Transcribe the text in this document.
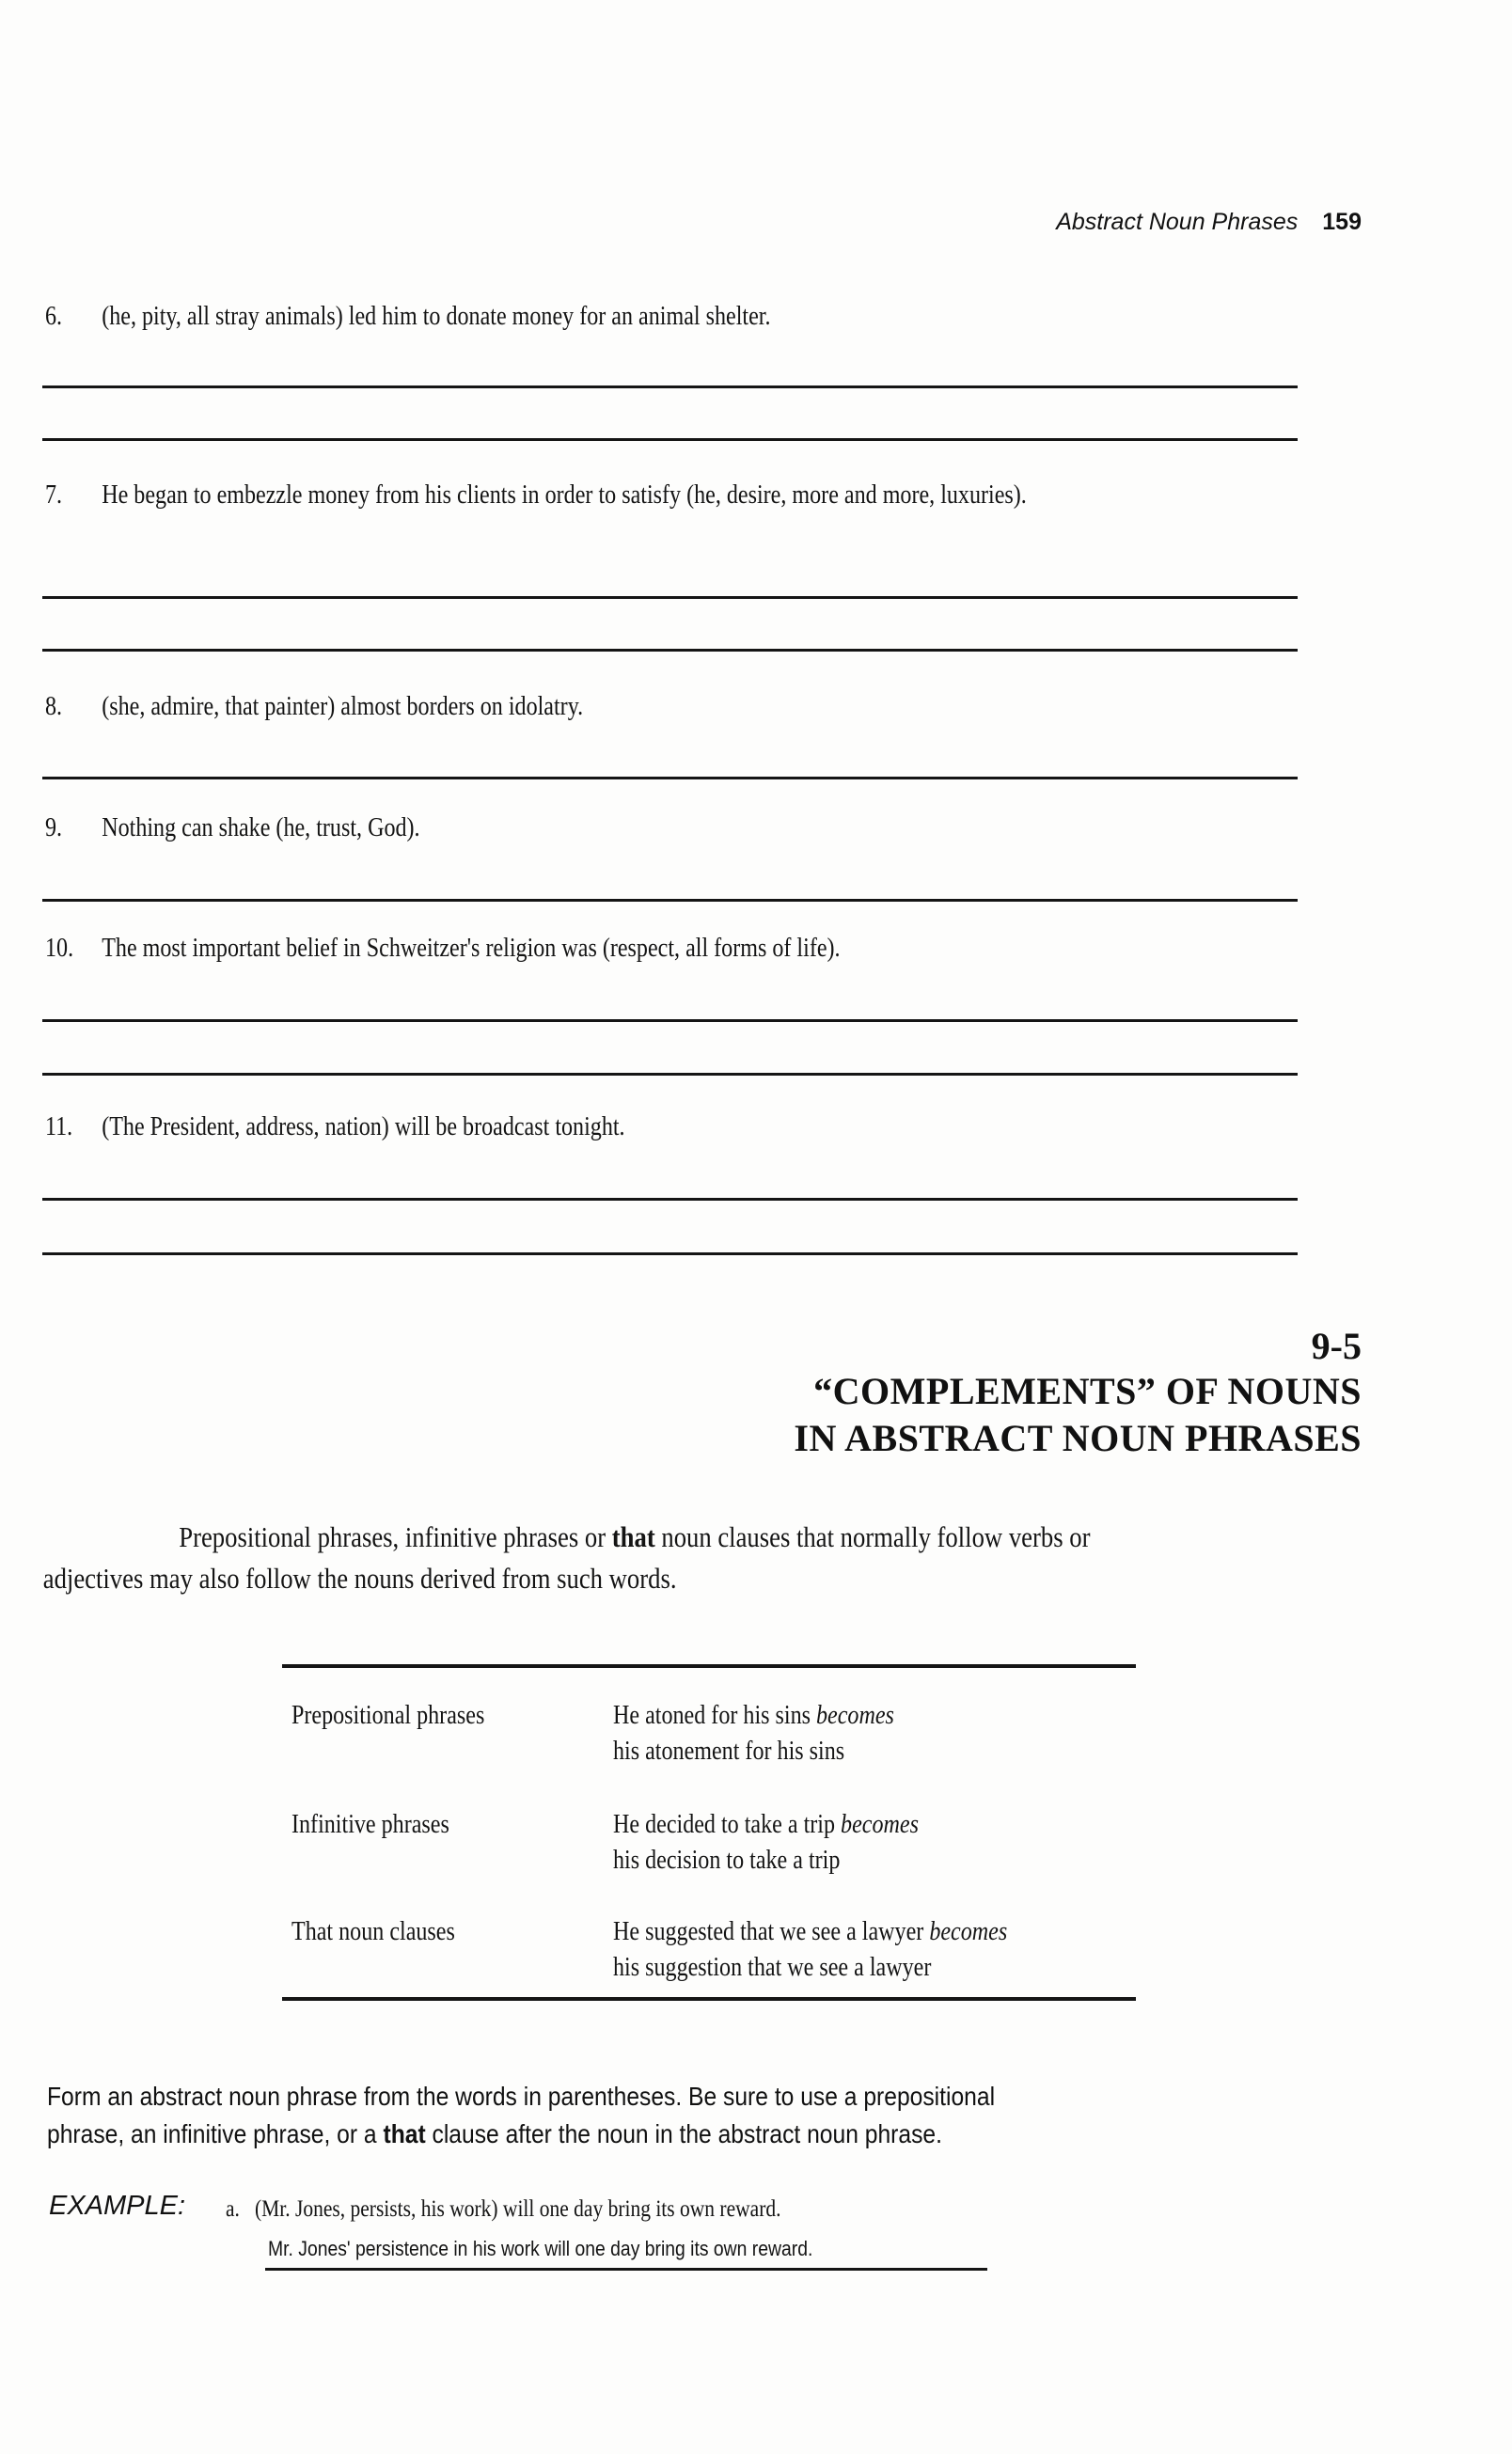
Abstract Noun Phrases 159
6. (he, pity, all stray animals) led him to donate money for an animal shelter.
7. He began to embezzle money from his clients in order to satisfy (he, desire, more and more, luxuries).
8. (she, admire, that painter) almost borders on idolatry.
9. Nothing can shake (he, trust, God).
10. The most important belief in Schweitzer's religion was (respect, all forms of life).
11. (The President, address, nation) will be broadcast tonight.
9-5
“COMPLEMENTS” OF NOUNS
IN ABSTRACT NOUN PHRASES
Prepositional phrases, infinitive phrases or that noun clauses that normally follow verbs or
adjectives may also follow the nouns derived from such words.
Prepositional phrases	He atoned for his sins becomes
his atonement for his sins
Infinitive phrases	He decided to take a trip becomes
his decision to take a trip
That noun clauses	He suggested that we see a lawyer becomes
his suggestion that we see a lawyer
Form an abstract noun phrase from the words in parentheses. Be sure to use a prepositional
phrase, an infinitive phrase, or a that clause after the noun in the abstract noun phrase.
EXAMPLE: a. (Mr. Jones, persists, his work) will one day bring its own reward.
Mr. Jones' persistence in his work will one day bring its own reward.
